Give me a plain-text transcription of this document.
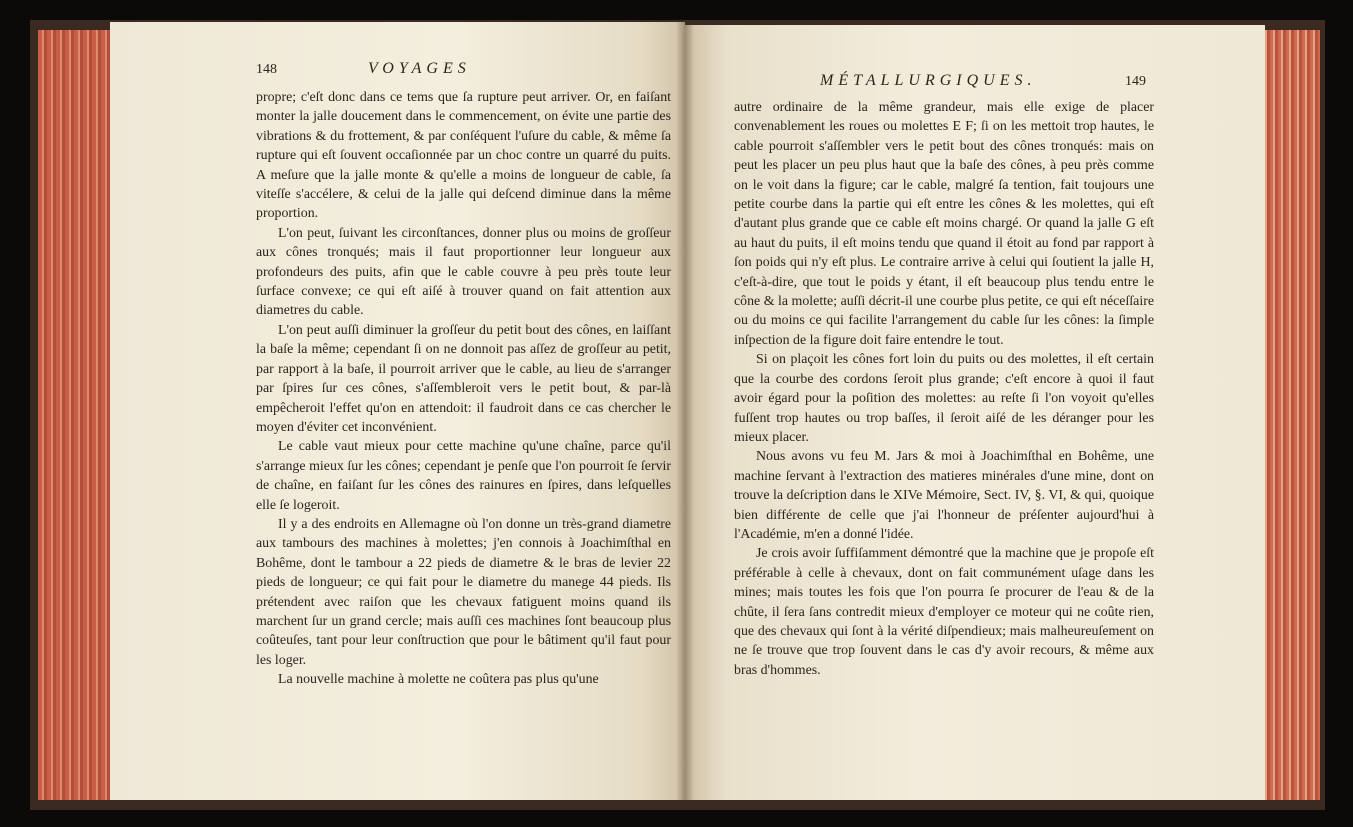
148	VOYAGES
MÉTALLURGIQUES.	149

propre; c'eſt donc dans ce tems que ſa rupture peut arriver. Or, en faiſant monter la jalle doucement dans le commencement, on évite une partie des vibrations & du frottement, & par conſéquent l'uſure du cable, & même ſa rupture qui eſt ſouvent occaſionnée par un choc contre un quarré du puits. A meſure que la jalle monte & qu'elle a moins de longueur de cable, ſa viteſſe s'accélere, & celui de la jalle qui deſcend diminue dans la même proportion.

L'on peut, ſuivant les circonſtances, donner plus ou moins de groſſeur aux cônes tronqués; mais il faut proportionner leur longueur aux profondeurs des puits, afin que le cable couvre à peu près toute leur ſurface convexe; ce qui eſt aiſé à trouver quand on fait attention aux diametres du cable.

L'on peut auſſi diminuer la groſſeur du petit bout des cônes, en laiſſant la baſe la même; cependant ſi on ne donnoit pas aſſez de groſſeur au petit, par rapport à la baſe, il pourroit arriver que le cable, au lieu de s'arranger par ſpires ſur ces cônes, s'aſſembleroit vers le petit bout, & par-là empêcheroit l'effet qu'on en attendoit: il faudroit dans ce cas chercher le moyen d'éviter cet inconvénient.

Le cable vaut mieux pour cette machine qu'une chaîne, parce qu'il s'arrange mieux ſur les cônes; cependant je penſe que l'on pourroit ſe ſervir de chaîne, en faiſant ſur les cônes des rainures en ſpires, dans leſquelles elle ſe logeroit.

Il y a des endroits en Allemagne où l'on donne un très-grand diametre aux tambours des machines à molettes; j'en connois à Joachimſthal en Bohême, dont le tambour a 22 pieds de diametre & le bras de levier 22 pieds de longueur; ce qui fait pour le diametre du manege 44 pieds. Ils prétendent avec raiſon que les chevaux fatiguent moins quand ils marchent ſur un grand cercle; mais auſſi ces machines ſont beaucoup plus coûteuſes, tant pour leur conſtruction que pour le bâtiment qu'il faut pour les loger.

La nouvelle machine à molette ne coûtera pas plus qu'une

autre ordinaire de la même grandeur, mais elle exige de placer convenablement les roues ou molettes E F; ſi on les mettoit trop hautes, le cable pourroit s'aſſembler vers le petit bout des cônes tronqués: mais on peut les placer un peu plus haut que la baſe des cônes, à peu près comme on le voit dans la figure; car le cable, malgré ſa tention, fait toujours une petite courbe dans la partie qui eſt entre les cônes & les molettes, qui eſt d'autant plus grande que ce cable eſt moins chargé. Or quand la jalle G eſt au haut du puits, il eſt moins tendu que quand il étoit au fond par rapport à ſon poids qui n'y eſt plus. Le contraire arrive à celui qui ſoutient la jalle H, c'eſt-à-dire, que tout le poids y étant, il eſt beaucoup plus tendu entre le cône & la molette; auſſi décrit-il une courbe plus petite, ce qui eſt néceſſaire ou du moins ce qui facilite l'arrangement du cable ſur les cônes: la ſimple inſpection de la figure doit faire entendre le tout.

Si on plaçoit les cônes fort loin du puits ou des molettes, il eſt certain que la courbe des cordons ſeroit plus grande; c'eſt encore à quoi il faut avoir égard pour la poſition des molettes: au reſte ſi l'on voyoit qu'elles fuſſent trop hautes ou trop baſſes, il ſeroit aiſé de les déranger pour les mieux placer.

Nous avons vu feu M. Jars & moi à Joachimſthal en Bohême, une machine ſervant à l'extraction des matieres minérales d'une mine, dont on trouve la deſcription dans le XIVe Mémoire, Sect. IV, §. VI, & qui, quoique bien différente de celle que j'ai l'honneur de préſenter aujourd'hui à l'Académie, m'en a donné l'idée.

Je crois avoir ſuffiſamment démontré que la machine que je propoſe eſt préférable à celle à chevaux, dont on fait communément uſage dans les mines; mais toutes les fois que l'on pourra ſe procurer de l'eau & de la chûte, il ſera ſans contredit mieux d'employer ce moteur qui ne coûte rien, que des chevaux qui ſont à la vérité diſpendieux; mais malheureuſement on ne ſe trouve que trop ſouvent dans le cas d'y avoir recours, & même aux bras d'hommes.
